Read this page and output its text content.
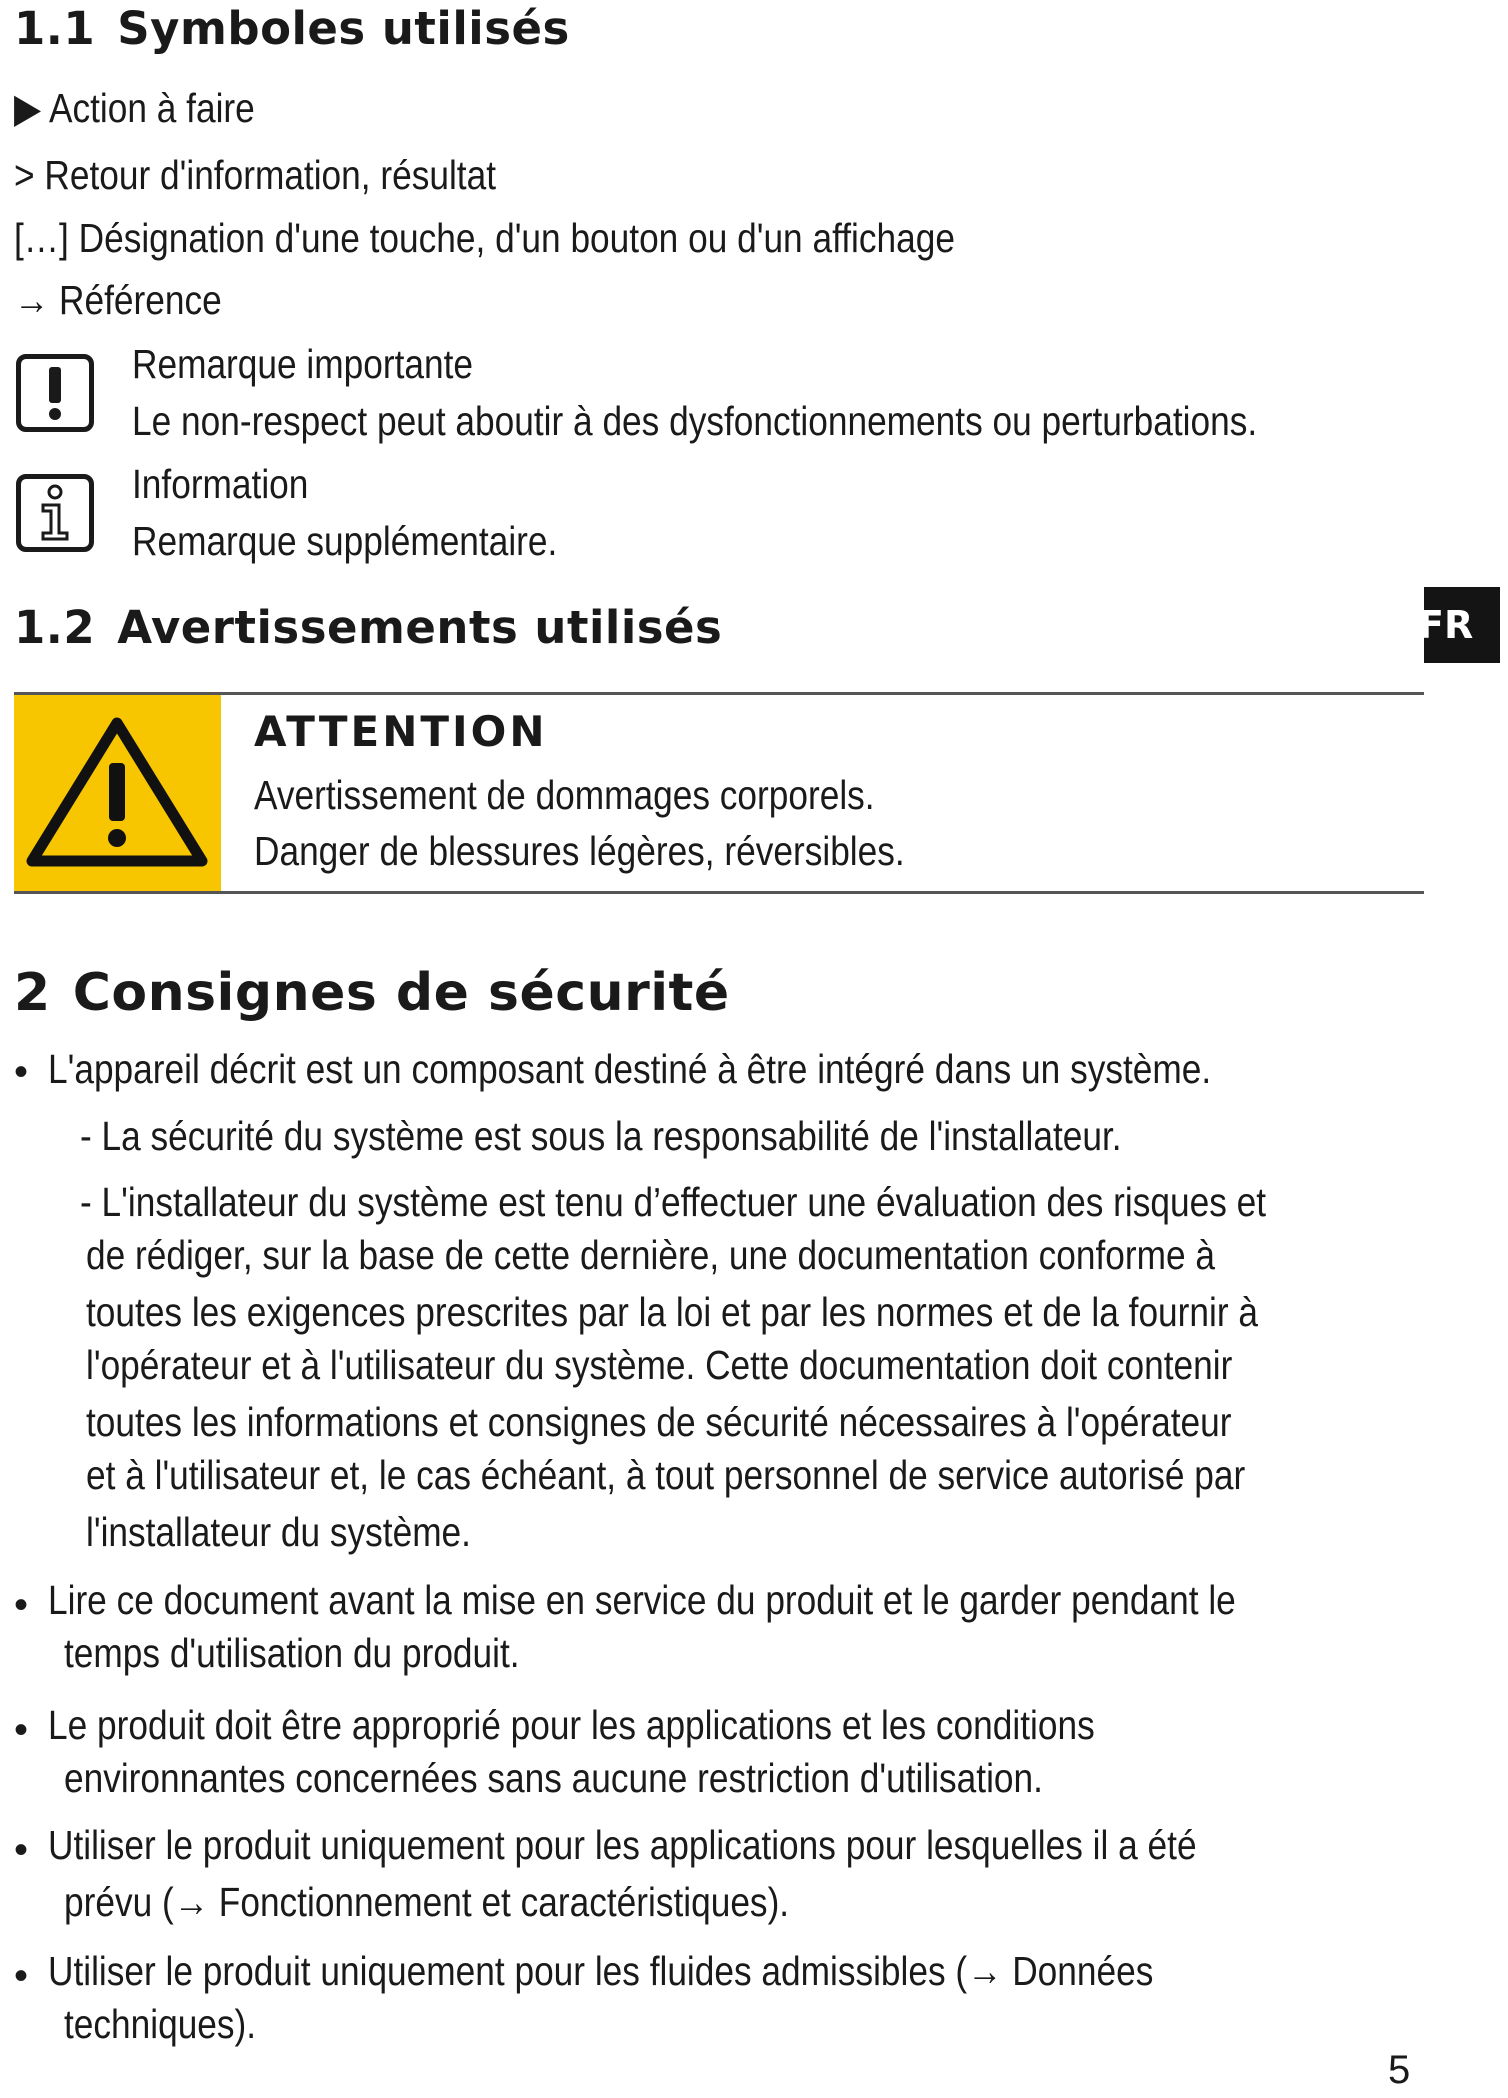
1.1 Symboles utilisés
▶ Action à faire
> Retour d'information, résultat
[…] Désignation d'une touche, d'un bouton ou d'un affichage
→ Référence
Remarque importante
Le non-respect peut aboutir à des dysfonctionnements ou perturbations.
Information
Remarque supplémentaire.
1.2 Avertissements utilisés	FR
ATTENTION
Avertissement de dommages corporels.
Danger de blessures légères, réversibles.
2 Consignes de sécurité
• L'appareil décrit est un composant destiné à être intégré dans un système.
- La sécurité du système est sous la responsabilité de l'installateur.
- L'installateur du système est tenu d’effectuer une évaluation des risques et
de rédiger, sur la base de cette dernière, une documentation conforme à
toutes les exigences prescrites par la loi et par les normes et de la fournir à
l'opérateur et à l'utilisateur du système. Cette documentation doit contenir
toutes les informations et consignes de sécurité nécessaires à l'opérateur
et à l'utilisateur et, le cas échéant, à tout personnel de service autorisé par
l'installateur du système.
• Lire ce document avant la mise en service du produit et le garder pendant le
temps d'utilisation du produit.
• Le produit doit être approprié pour les applications et les conditions
environnantes concernées sans aucune restriction d'utilisation.
• Utiliser le produit uniquement pour les applications pour lesquelles il a été
prévu (→ Fonctionnement et caractéristiques).
• Utiliser le produit uniquement pour les fluides admissibles (→ Données
techniques).
5
